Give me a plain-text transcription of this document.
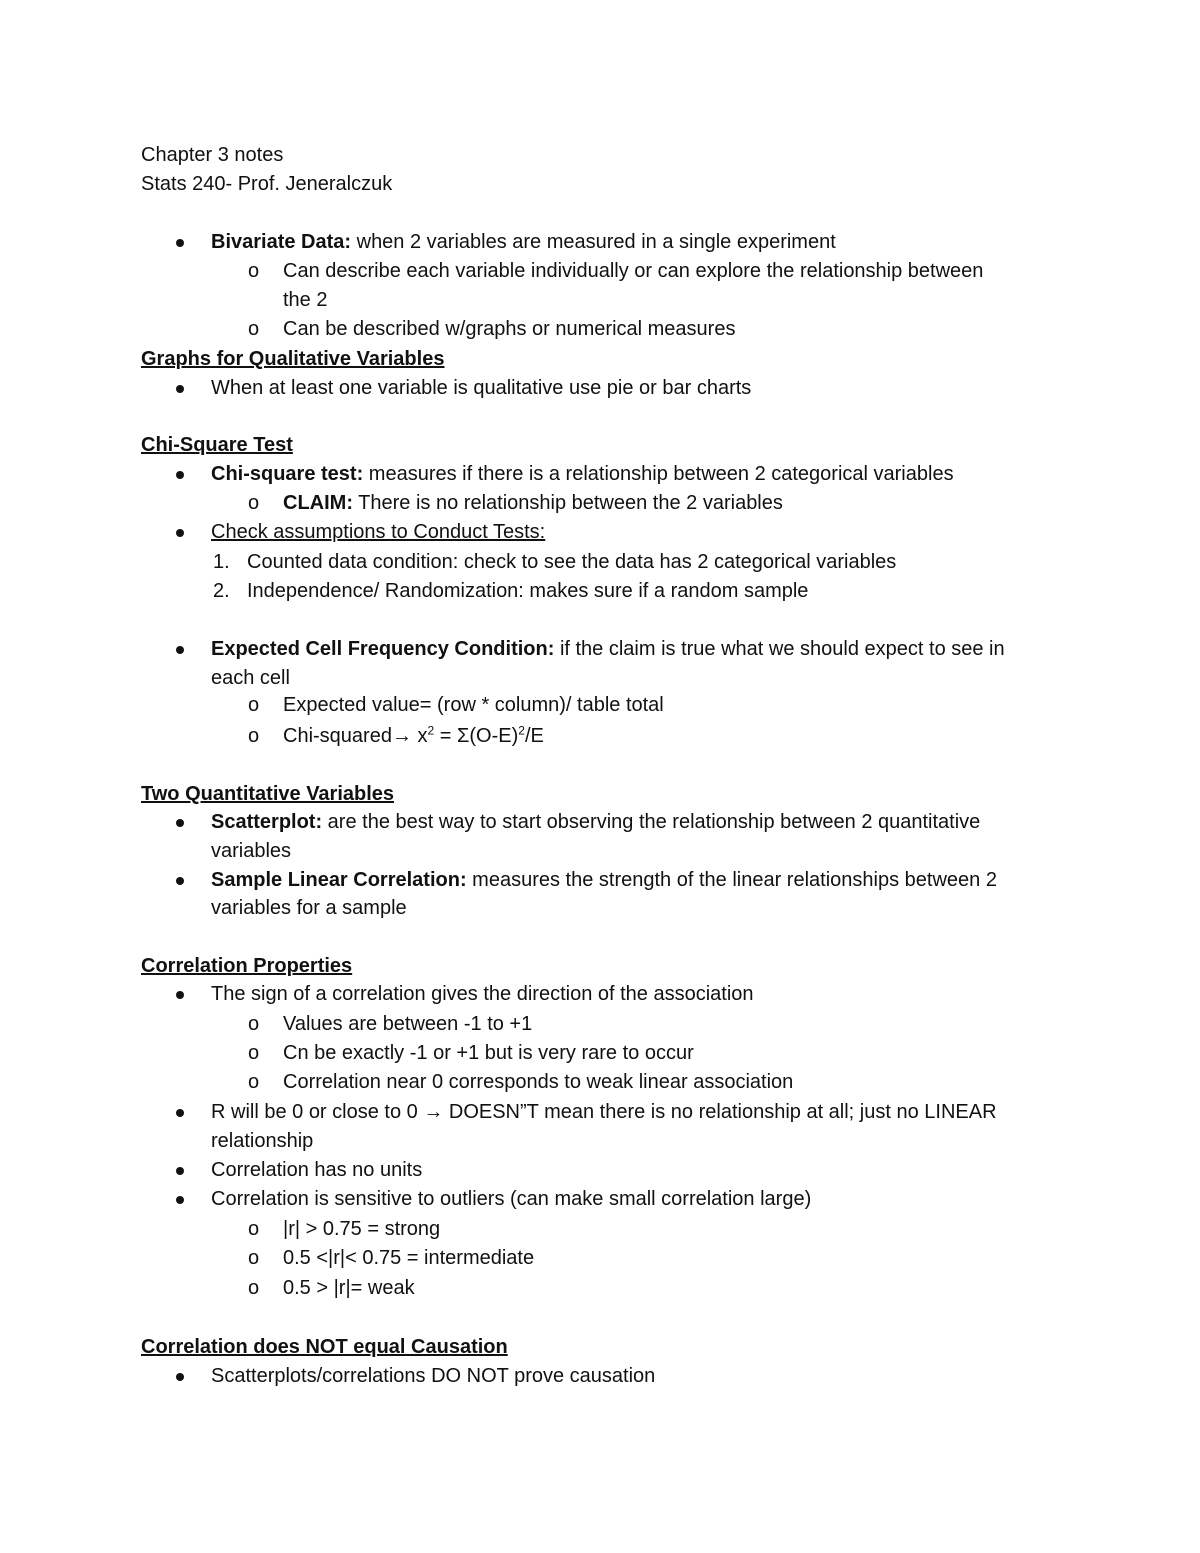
Chapter 3 notes
Stats 240- Prof. Jeneralczuk
Bivariate Data: when 2 variables are measured in a single experiment
o Can describe each variable individually or can explore the relationship between
the 2
o Can be described w/graphs or numerical measures
Graphs for Qualitative Variables
When at least one variable is qualitative use pie or bar charts
Chi-Square Test
Chi-square test: measures if there is a relationship between 2 categorical variables
o CLAIM: There is no relationship between the 2 variables
Check assumptions to Conduct Tests:
1. Counted data condition: check to see the data has 2 categorical variables
2. Independence/ Randomization: makes sure if a random sample
Expected Cell Frequency Condition: if the claim is true what we should expect to see in
each cell
o Expected value= (row * column)/ table total
o Chi-squared→ $x^2 = \Sigma(O-E)^2/E$
Two Quantitative Variables
Scatterplot: are the best way to start observing the relationship between 2 quantitative
variables
Sample Linear Correlation: measures the strength of the linear relationships between 2
variables for a sample
Correlation Properties
The sign of a correlation gives the direction of the association
o Values are between -1 to +1
o Cn be exactly -1 or +1 but is very rare to occur
o Correlation near 0 corresponds to weak linear association
R will be 0 or close to 0 → DOESN”T mean there is no relationship at all; just no LINEAR
relationship
Correlation has no units
Correlation is sensitive to outliers (can make small correlation large)
o |r| > 0.75 = strong
o 0.5 <|r|< 0.75 = intermediate
o 0.5 > |r|= weak
Correlation does NOT equal Causation
Scatterplots/correlations DO NOT prove causation
